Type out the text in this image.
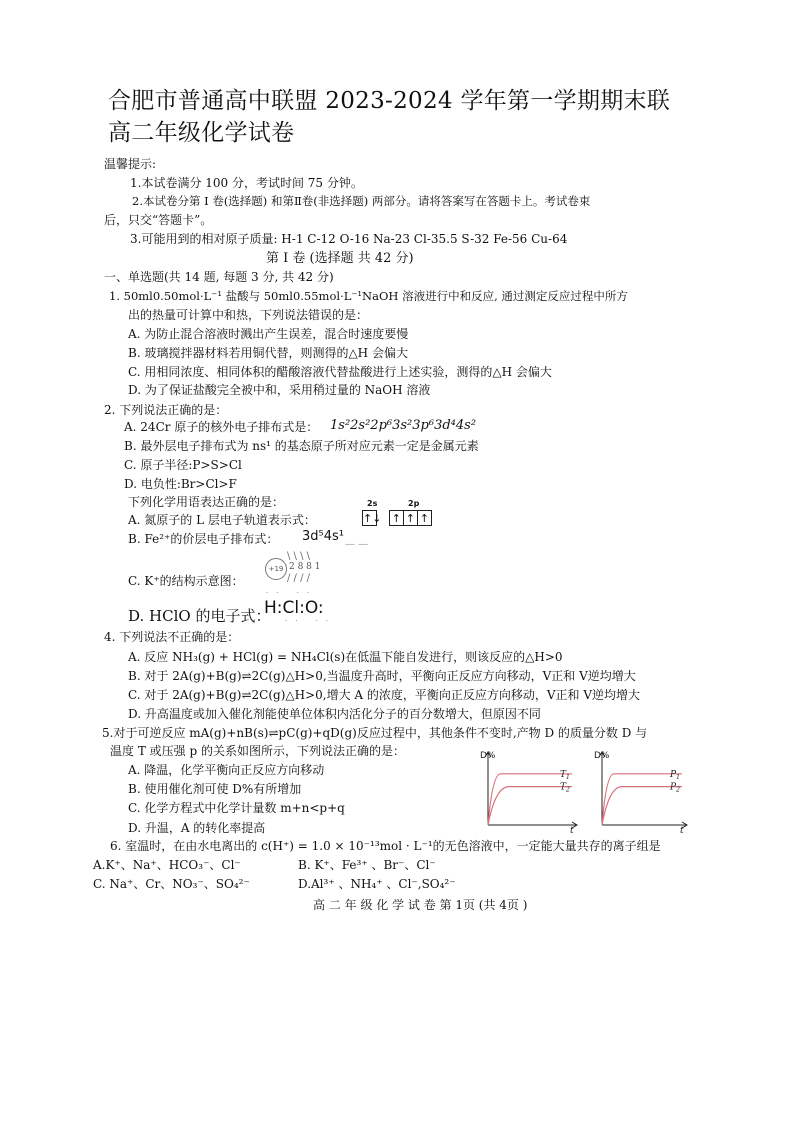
合肥市普通高中联盟 2023-2024 学年第一学期期末联
高二年级化学试卷
温馨提示:
1.本试卷满分 100 分，考试时间 75 分钟。
2.本试卷分第 I 卷(选择题) 和第Ⅱ卷(非选择题) 两部分。请将答案写在答题卡上。考试卷束
后，只交“答题卡”。
3.可能用到的相对原子质量: H-1 C-12 O-16 Na-23 Cl-35.5 S-32 Fe-56 Cu-64
第 I 卷 (选择题 共 42 分)
一、单选题(共 14 题, 每题 3 分, 共 42 分)
1. 50ml0.50mol·L⁻¹ 盐酸与 50ml0.55mol·L⁻¹NaOH 溶液进行中和反应, 通过测定反应过程中所方
出的热量可计算中和热，下列说法错误的是：
A. 为防止混合溶液时溅出产生误差，混合时速度要慢
B. 玻璃搅拌器材料若用铜代替，则测得的△H 会偏大
C. 用相同浓度、相同体积的醋酸溶液代替盐酸进行上述实验，测得的△H 会偏大
D. 为了保证盐酸完全被中和，采用稍过量的 NaOH 溶液
2. 下列说法正确的是：
A. 24Cr 原子的核外电子排布式是： 1s²2s²2p⁶3s²3p⁶3d⁴4s²
B. 最外层电子排布式为 ns¹ 的基态原子所对应元素一定是金属元素
C. 原子半径:P>S>Cl
D. 电负性:Br>Cl>F
下列化学用语表达正确的是：
A. 氮原子的 L 层电子轨道表示式：
2s	2p
↑↓ ↑ ↑ ↑
B. Fe²⁺的价层电子排布式： 3d⁵4s¹
— —
C. K⁺的结构示意图：
+19
\ \ \ \
2 8 8 1
/ / / /
D. HClO 的电子式：
·· ··
H:Cl:O:
·· ··
4. 下列说法不正确的是：
A. 反应 NH₃(g) + HCl(g) = NH₄Cl(s)在低温下能自发进行，则该反应的△H>0
B. 对于 2A(g)+B(g)⇌2C(g)△H>0,当温度升高时，平衡向正反应方向移动，V正和 V逆均增大
C. 对于 2A(g)+B(g)⇌2C(g)△H>0,增大 A 的浓度，平衡向正反应方向移动，V正和 V逆均增大
D. 升高温度或加入催化剂能使单位体积内活化分子的百分数增大，但原因不同
5.对于可逆反应 mA(g)+nB(s)⇌pC(g)+qD(g)反应过程中，其他条件不变时,产物 D 的质量分数 D 与
温度 T 或压强 p 的关系如图所示，下列说法正确的是：
A. 降温，化学平衡向正反应方向移动
B. 使用催化剂可使 D%有所增加
C. 化学方程式中化学计量数 m+n<p+q
D. 升温，A 的转化率提高
D%
t
$T_1$
$T_2$
D%
t
$P_1$
$P_2$
6. 室温时，在由水电离出的 c(H⁺) = 1.0 × 10⁻¹³mol · L⁻¹的无色溶液中，一定能大量共存的离子组是
A.K⁺、Na⁺、HCO₃⁻、Cl⁻	B. K⁺、Fe³⁺ 、Br⁻、Cl⁻
C. Na⁺、Cr、NO₃⁻、SO₄²⁻	D.Al³⁺ 、NH₄⁺ 、Cl⁻,SO₄²⁻
高 二 年 级 化 学 试 卷 第 1页 (共 4页 )
